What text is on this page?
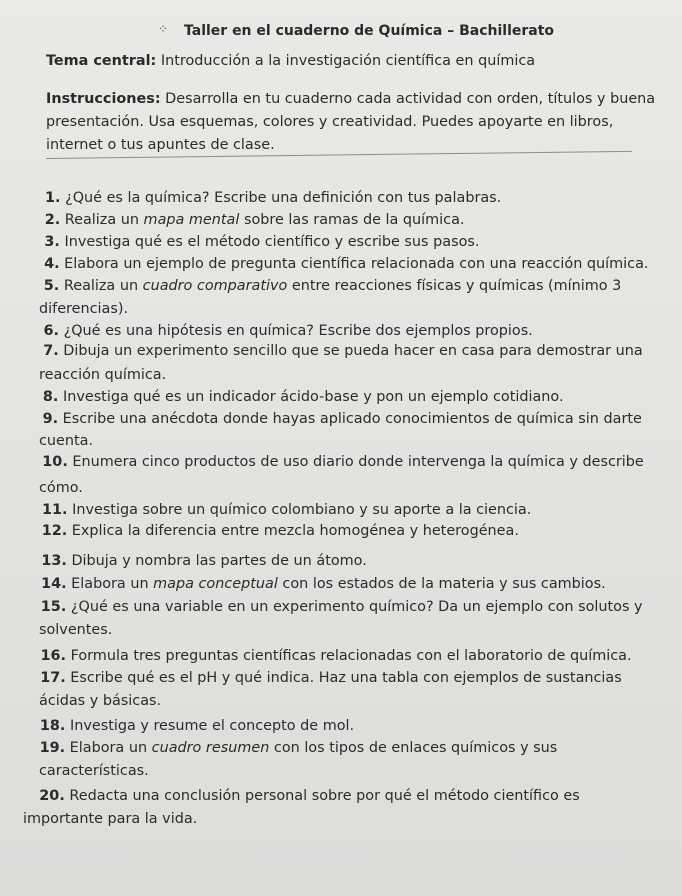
⁘ Taller en el cuaderno de Química – Bachillerato
Tema central: Introducción a la investigación científica en química
Instrucciones: Desarrolla en tu cuaderno cada actividad con orden, títulos y buena
presentación. Usa esquemas, colores y creatividad. Puedes apoyarte en libros,
internet o tus apuntes de clase.
1. ¿Qué es la química? Escribe una definición con tus palabras.
2. Realiza un mapa mental sobre las ramas de la química.
3. Investiga qué es el método científico y escribe sus pasos.
4. Elabora un ejemplo de pregunta científica relacionada con una reacción química.
5. Realiza un cuadro comparativo entre reacciones físicas y químicas (mínimo 3
diferencias).
6. ¿Qué es una hipótesis en química? Escribe dos ejemplos propios.
7. Dibuja un experimento sencillo que se pueda hacer en casa para demostrar una
reacción química.
8. Investiga qué es un indicador ácido-base y pon un ejemplo cotidiano.
9. Escribe una anécdota donde hayas aplicado conocimientos de química sin darte
cuenta.
10. Enumera cinco productos de uso diario donde intervenga la química y describe
cómo.
11. Investiga sobre un químico colombiano y su aporte a la ciencia.
12. Explica la diferencia entre mezcla homogénea y heterogénea.
13. Dibuja y nombra las partes de un átomo.
14. Elabora un mapa conceptual con los estados de la materia y sus cambios.
15. ¿Qué es una variable en un experimento químico? Da un ejemplo con solutos y
solventes.
16. Formula tres preguntas científicas relacionadas con el laboratorio de química.
17. Escribe qué es el pH y qué indica. Haz una tabla con ejemplos de sustancias
ácidas y básicas.
18. Investiga y resume el concepto de mol.
19. Elabora un cuadro resumen con los tipos de enlaces químicos y sus
características.
20. Redacta una conclusión personal sobre por qué el método científico es
importante para la vida.
